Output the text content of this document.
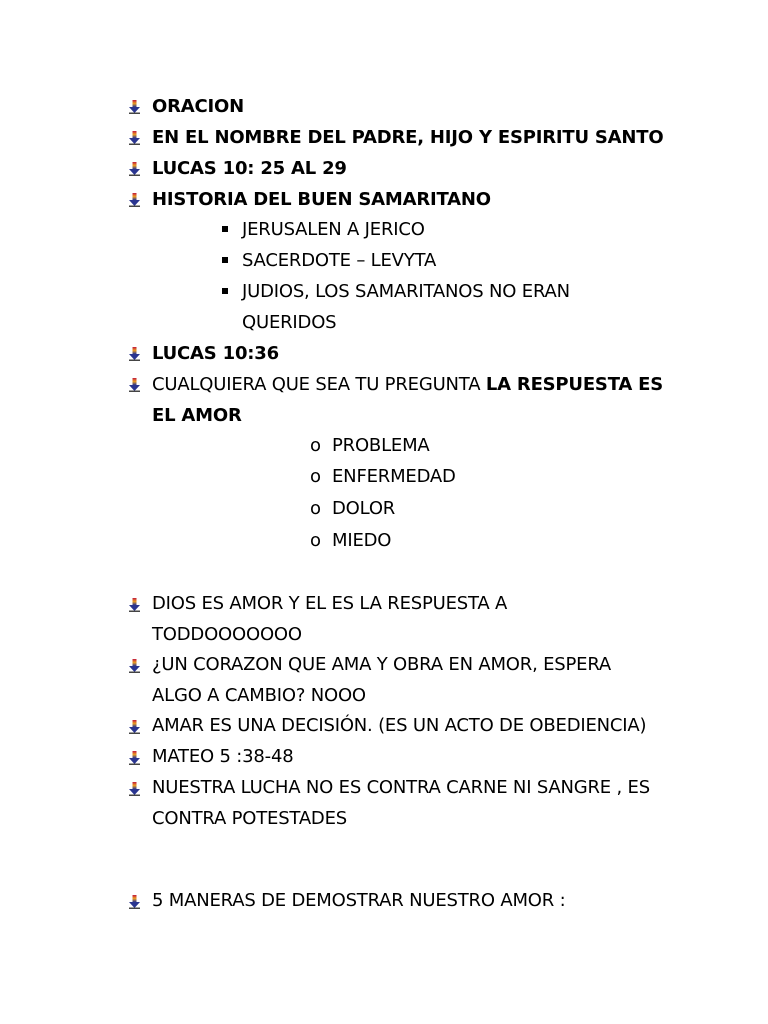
ORACION
EN EL NOMBRE DEL PADRE, HIJO Y ESPIRITU SANTO
LUCAS 10: 25 AL 29
HISTORIA DEL BUEN SAMARITANO
JERUSALEN A JERICO
SACERDOTE – LEVYTA
JUDIOS, LOS SAMARITANOS NO ERAN
QUERIDOS
LUCAS 10:36
CUALQUIERA QUE SEA TU PREGUNTA LA RESPUESTA ES
EL AMOR
o PROBLEMA
o ENFERMEDAD
o DOLOR
o MIEDO
DIOS ES AMOR Y EL ES LA RESPUESTA A
TODDOOOOOOO
¿UN CORAZON QUE AMA Y OBRA EN AMOR, ESPERA
ALGO A CAMBIO? NOOO
AMAR ES UNA DECISIÓN. (ES UN ACTO DE OBEDIENCIA)
MATEO 5 :38-48
NUESTRA LUCHA NO ES CONTRA CARNE NI SANGRE , ES
CONTRA POTESTADES
5 MANERAS DE DEMOSTRAR NUESTRO AMOR :
